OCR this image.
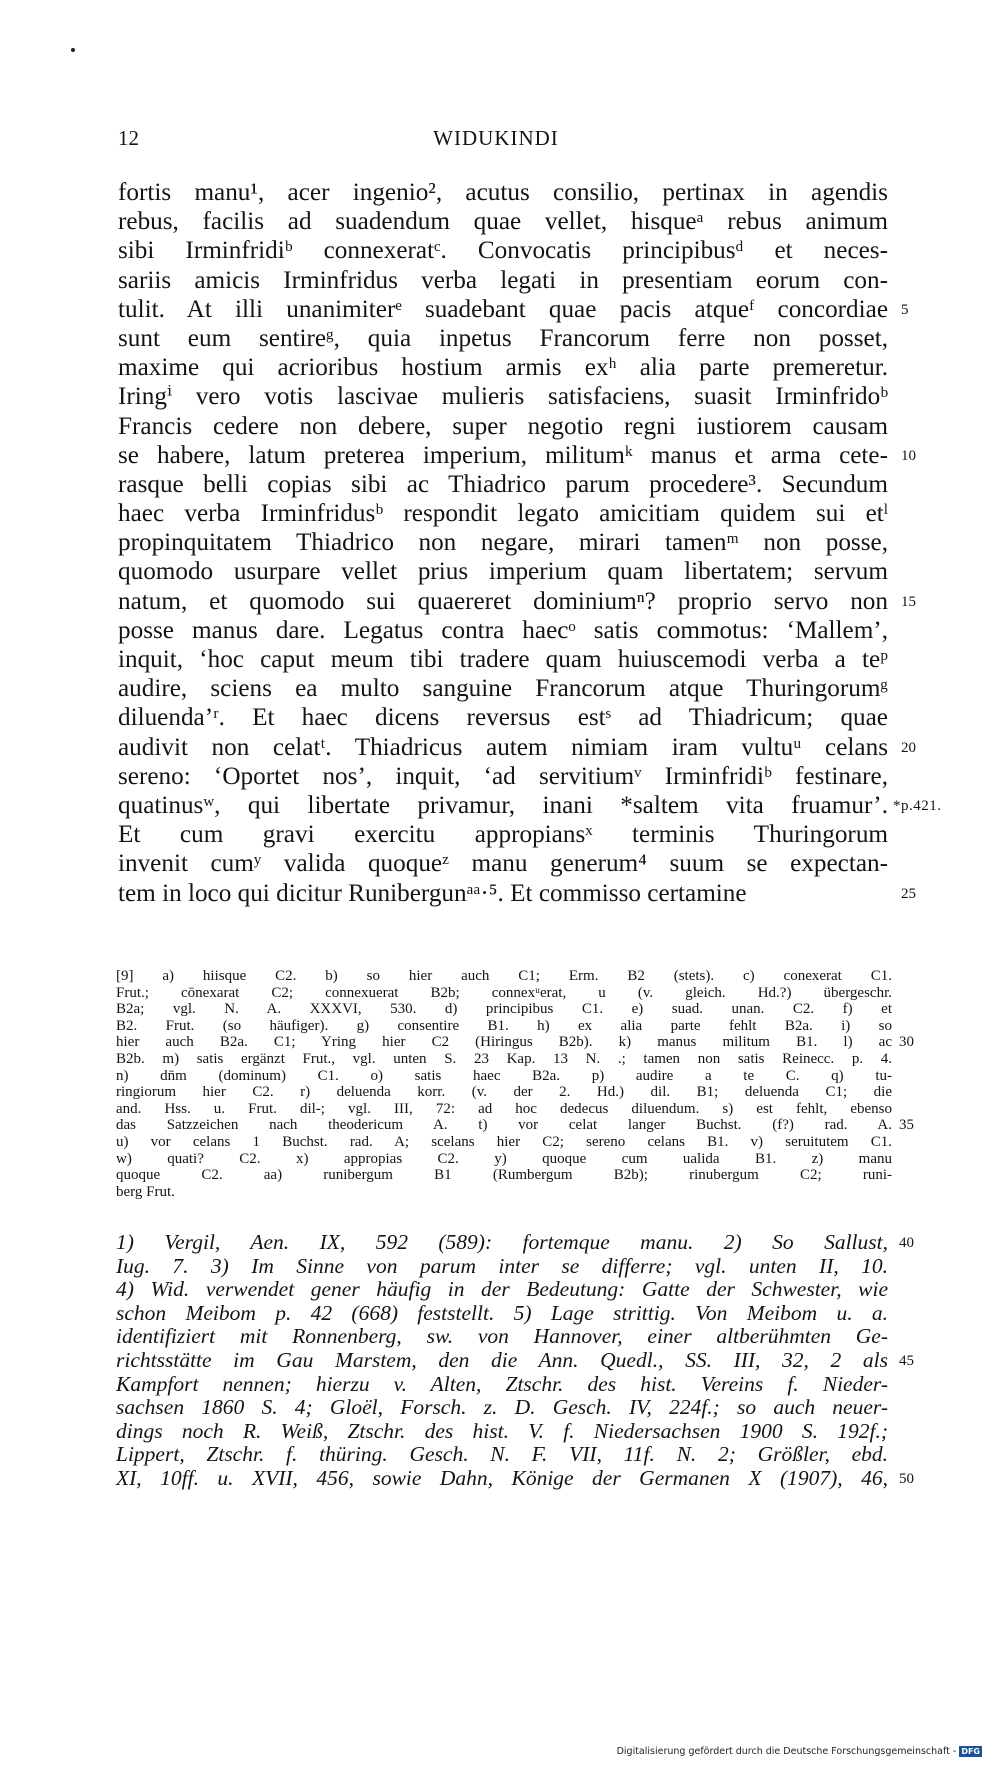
12	WIDUKINDI
fortis manu¹, acer ingenio², acutus consilio, pertinax in agendis
rebus, facilis ad suadendum quae vellet, hisqueᵃ rebus animum
sibi Irminfridiᵇ connexeratᶜ. Convocatis principibusᵈ et neces-
sariis amicis Irminfridus verba legati in presentiam eorum con-
tulit. At illi unanimiterᵉ suadebant quae pacis atqueᶠ concordiae 5
sunt eum sentireᵍ, quia inpetus Francorum ferre non posset,
maxime qui acrioribus hostium armis exʰ alia parte premeretur.
Iringⁱ vero votis lascivae mulieris satisfaciens, suasit Irminfridoᵇ
Francis cedere non debere, super negotio regni iustiorem causam
se habere, latum preterea imperium, militumᵏ manus et arma cete- 10
rasque belli copias sibi ac Thiadrico parum procedere³. Secundum
haec verba Irminfridusᵇ respondit legato amicitiam quidem sui etˡ
propinquitatem Thiadrico non negare, mirari tamenᵐ non posse,
quomodo usurpare vellet prius imperium quam libertatem; servum
natum, et quomodo sui quaereret dominiumⁿ? proprio servo non 15
posse manus dare. Legatus contra haecᵒ satis commotus: ‘Mallem’,
inquit, ‘hoc caput meum tibi tradere quam huiuscemodi verba a teᵖ
audire, sciens ea multo sanguine Francorum atque Thuringorumᵍ
diluenda’ʳ. Et haec dicens reversus estˢ ad Thiadricum; quae
audivit non celatᵗ. Thiadricus autem nimiam iram vultuᵘ celans 20
sereno: ‘Oportet nos’, inquit, ‘ad servitiumᵛ Irminfridiᵇ festinare,
quatinusʷ, qui libertate privamur, inani *saltem vita fruamur’. *p.421.
Et cum gravi exercitu appropiansˣ terminis Thuringorum
invenit cumʸ valida quoqueᶻ manu generum⁴ suum se expectan-
tem in loco qui dicitur Runibergunᵃᵃ·⁵. Et commisso certamine	25
[9] a) hiisque C2. b) so hier auch C1; Erm. B2 (stets). c) conexerat C1.
Frut.; cōnexarat C2; connexuerat B2b; connexᵘerat, u (v. gleich. Hd.?) übergeschr.
B2a; vgl. N. A. XXXVI, 530. d) principibus C1. e) suad. unan. C2. f) et
B2. Frut. (so häufiger). g) consentire B1. h) ex alia parte fehlt B2a. i) so
hier auch B2a. C1; Yring hier C2 (Hiringus B2b). k) manus militum B1. l) ac 30
B2b. m) satis ergänzt Frut., vgl. unten S. 23 Kap. 13 N. .; tamen non satis Reinecc. p. 4.
n) dn̄m (dominum) C1. o) satis haec B2a. p) audire a te C. q) tu-
ringiorum hier C2. r) deluenda korr. (v. der 2. Hd.) dil. B1; deluenda C1; die
and. Hss. u. Frut. dil-; vgl. III, 72: ad hoc dedecus diluendum. s) est fehlt, ebenso
das Satzzeichen nach theodericum A. t) vor celat langer Buchst. (f?) rad. A. 35
u) vor celans 1 Buchst. rad. A; scelans hier C2; sereno celans B1. v) seruitutem C1.
w) quati? C2. x) appropias C2. y) quoque cum ualida B1. z) manu
quoque C2. aa) runibergum B1 (Rumbergum B2b); rinubergum C2; runi-
berg Frut.
1) Vergil, Aen. IX, 592 (589): fortemque manu. 2) So Sallust, 40
Iug. 7. 3) Im Sinne von parum inter se differre; vgl. unten II, 10.
4) Wid. verwendet gener häufig in der Bedeutung: Gatte der Schwester, wie
schon Meibom p. 42 (668) feststellt. 5) Lage strittig. Von Meibom u. a.
identifiziert mit Ronnenberg, sw. von Hannover, einer altberühmten Ge-
richtsstätte im Gau Marstem, den die Ann. Quedl., SS. III, 32, 2 als 45
Kampfort nennen; hierzu v. Alten, Ztschr. des hist. Vereins f. Nieder-
sachsen 1860 S. 4; Gloël, Forsch. z. D. Gesch. IV, 224f.; so auch neuer-
dings noch R. Weiß, Ztschr. des hist. V. f. Niedersachsen 1900 S. 192f.;
Lippert, Ztschr. f. thüring. Gesch. N. F. VII, 11f. N. 2; Größler, ebd.
XI, 10ff. u. XVII, 456, sowie Dahn, Könige der Germanen X (1907), 46, 50
Digitalisierung gefördert durch die Deutsche Forschungsgemeinschaft - DFG
